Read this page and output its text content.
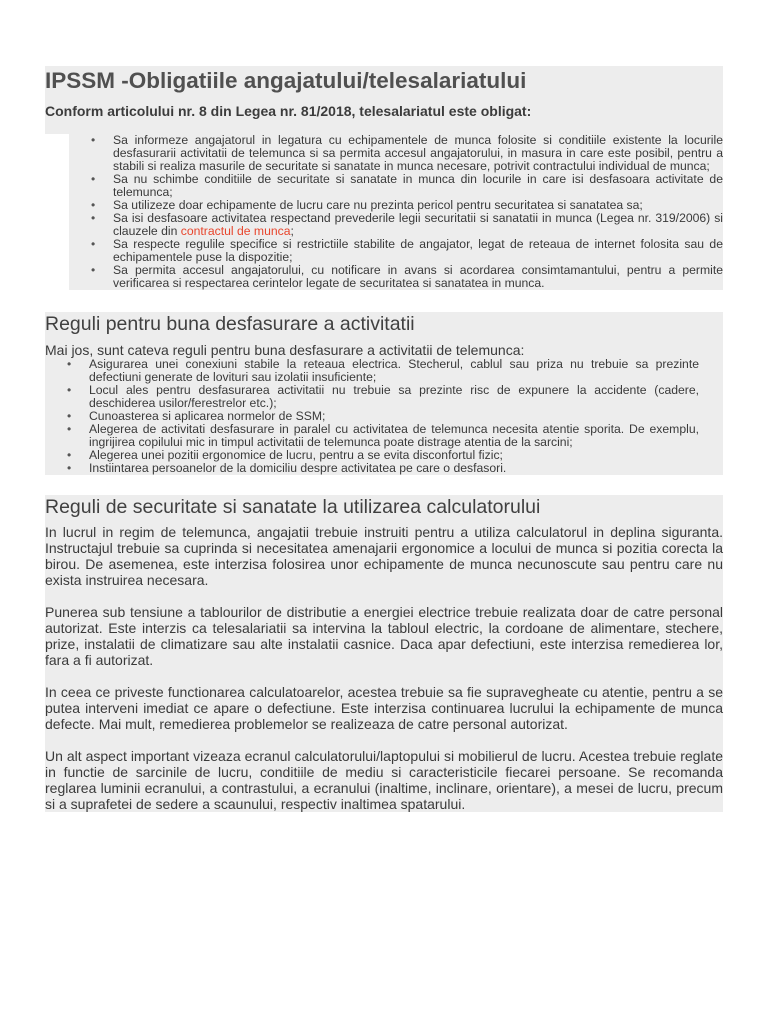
IPSSM -Obligatiile angajatului/telesalariatului

Conform articolului nr. 8 din Legea nr. 81/2018, telesalariatul este obligat:

• Sa informeze angajatorul in legatura cu echipamentele de munca folosite si conditiile existente la locurile desfasurarii activitatii de telemunca si sa permita accesul angajatorului, in masura in care este posibil, pentru a stabili si realiza masurile de securitate si sanatate in munca necesare, potrivit contractului individual de munca;
• Sa nu schimbe conditiile de securitate si sanatate in munca din locurile in care isi desfasoara activitate de telemunca;
• Sa utilizeze doar echipamente de lucru care nu prezinta pericol pentru securitatea si sanatatea sa;
• Sa isi desfasoare activitatea respectand prevederile legii securitatii si sanatatii in munca (Legea nr. 319/2006) si clauzele din contractul de munca;
• Sa respecte regulile specifice si restrictiile stabilite de angajator, legat de reteaua de internet folosita sau de echipamentele puse la dispozitie;
• Sa permita accesul angajatorului, cu notificare in avans si acordarea consimtamantului, pentru a permite verificarea si respectarea cerintelor legate de securitatea si sanatatea in munca.
Reguli pentru buna desfasurare a activitatii

Mai jos, sunt cateva reguli pentru buna desfasurare a activitatii de telemunca:

• Asigurarea unei conexiuni stabile la reteaua electrica. Stecherul, cablul sau priza nu trebuie sa prezinte defectiuni generate de lovituri sau izolatii insuficiente;
• Locul ales pentru desfasurarea activitatii nu trebuie sa prezinte risc de expunere la accidente (cadere, deschiderea usilor/ferestrelor etc.);
• Cunoasterea si aplicarea normelor de SSM;
• Alegerea de activitati desfasurare in paralel cu activitatea de telemunca necesita atentie sporita. De exemplu, ingrijirea copilului mic in timpul activitatii de telemunca poate distrage atentia de la sarcini;
• Alegerea unei pozitii ergonomice de lucru, pentru a se evita disconfortul fizic;
• Instiintarea persoanelor de la domiciliu despre activitatea pe care o desfasori.
Reguli de securitate si sanatate la utilizarea calculatorului

In lucrul in regim de telemunca, angajatii trebuie instruiti pentru a utiliza calculatorul in deplina siguranta. Instructajul trebuie sa cuprinda si necesitatea amenajarii ergonomice a locului de munca si pozitia corecta la birou. De asemenea, este interzisa folosirea unor echipamente de munca necunoscute sau pentru care nu exista instruirea necesara.

Punerea sub tensiune a tablourilor de distributie a energiei electrice trebuie realizata doar de catre personal autorizat. Este interzis ca telesalariatii sa intervina la tabloul electric, la cordoane de alimentare, stechere, prize, instalatii de climatizare sau alte instalatii casnice. Daca apar defectiuni, este interzisa remedierea lor, fara a fi autorizat.

In ceea ce priveste functionarea calculatoarelor, acestea trebuie sa fie supravegheate cu atentie, pentru a se putea interveni imediat ce apare o defectiune. Este interzisa continuarea lucrului la echipamente de munca defecte. Mai mult, remedierea problemelor se realizeaza de catre personal autorizat.

Un alt aspect important vizeaza ecranul calculatorului/laptopului si mobilierul de lucru. Acestea trebuie reglate in functie de sarcinile de lucru, conditiile de mediu si caracteristicile fiecarei persoane. Se recomanda reglarea luminii ecranului, a contrastului, a ecranului (inaltime, inclinare, orientare), a mesei de lucru, precum si a suprafetei de sedere a scaunului, respectiv inaltimea spatarului.
